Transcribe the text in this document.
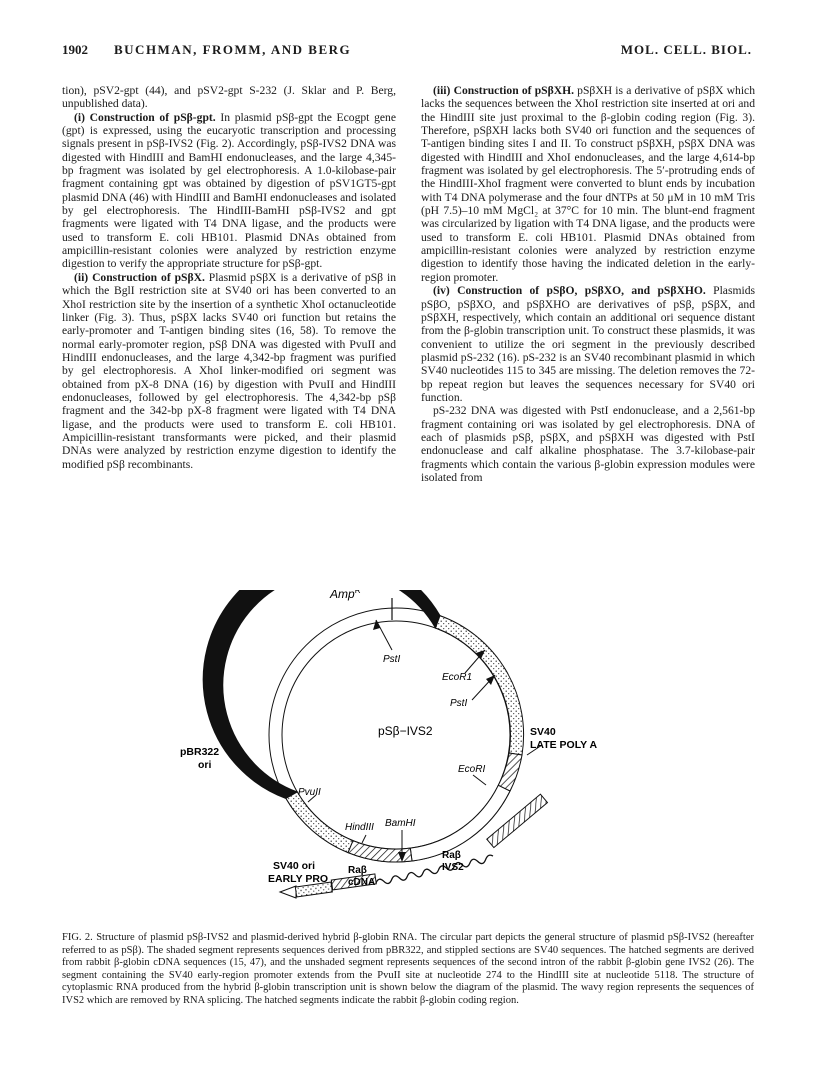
1902 BUCHMAN, FROMM, AND BERG	MOL. CELL. BIOL.

tion), pSV2-gpt (44), and pSV2-gpt S-232 (J. Sklar and P. Berg, unpublished data).

(i) Construction of pSβ-gpt. In plasmid pSβ-gpt the Ecogpt gene (gpt) is expressed, using the eucaryotic transcription and processing signals present in pSβ-IVS2 (Fig. 2). Accordingly, pSβ-IVS2 DNA was digested with HindIII and BamHI endonucleases, and the large 4,345-bp fragment was isolated by gel electrophoresis. A 1.0-kilobase-pair fragment containing gpt was obtained by digestion of pSV1GT5-gpt plasmid DNA (46) with HindIII and BamHI endonucleases and isolated by gel electrophoresis. The HindIII-BamHI pSβ-IVS2 and gpt fragments were ligated with T4 DNA ligase, and the products were used to transform E. coli HB101. Plasmid DNAs obtained from ampicillin-resistant colonies were analyzed by restriction enzyme digestion to verify the appropriate structure for pSβ-gpt.

(ii) Construction of pSβX. Plasmid pSβX is a derivative of pSβ in which the BglI restriction site at SV40 ori has been converted to an XhoI restriction site by the insertion of a synthetic XhoI octanucleotide linker (Fig. 3). Thus, pSβX lacks SV40 ori function but retains the early-promoter and T-antigen binding sites (16, 58). To remove the normal early-promoter region, pSβ DNA was digested with PvuII and HindIII endonucleases, and the large 4,342-bp fragment was purified by gel electrophoresis. A XhoI linker-modified ori segment was obtained from pX-8 DNA (16) by digestion with PvuII and HindIII endonucleases, followed by gel electrophoresis. The 4,342-bp pSβ fragment and the 342-bp pX-8 fragment were ligated with T4 DNA ligase, and the products were used to transform E. coli HB101. Ampicillin-resistant transformants were picked, and their plasmid DNAs were analyzed by restriction enzyme digestion to identify the modified pSβ recombinants.

(iii) Construction of pSβXH. pSβXH is a derivative of pSβX which lacks the sequences between the XhoI restriction site inserted at ori and the HindIII site just proximal to the β-globin coding region (Fig. 3). Therefore, pSβXH lacks both SV40 ori function and the sequences of T-antigen binding sites I and II. To construct pSβXH, pSβX DNA was digested with HindIII and XhoI endonucleases, and the large 4,614-bp fragment was isolated by gel electrophoresis. The 5′-protruding ends of the HindIII-XhoI fragment were converted to blunt ends by incubation with T4 DNA polymerase and the four dNTPs at 50 μM in 10 mM Tris (pH 7.5)–10 mM MgCl₂ at 37°C for 10 min. The blunt-end fragment was circularized by ligation with T4 DNA ligase, and the products were used to transform E. coli HB101. Plasmid DNAs obtained from ampicillin-resistant colonies were analyzed by restriction enzyme digestion to identify those having the indicated deletion in the early-region promoter.

(iv) Construction of pSβO, pSβXO, and pSβXHO. Plasmids pSβO, pSβXO, and pSβXHO are derivatives of pSβ, pSβX, and pSβXH, respectively, which contain an additional ori sequence distant from the β-globin transcription unit. To construct these plasmids, it was convenient to utilize the ori segment in the previously described plasmid pS-232 (16). pS-232 is an SV40 recombinant plasmid in which SV40 nucleotides 115 to 345 are missing. The deletion removes the 72-bp repeat region but leaves the sequences necessary for SV40 ori function.

pS-232 DNA was digested with PstI endonuclease, and a 2,561-bp fragment containing ori was isolated by gel electrophoresis. DNA of each of plasmids pSβ, pSβX, and pSβXH was digested with PstI endonuclease and calf alkaline phosphatase. The 3.7-kilobase-pair fragments which contain the various β-globin expression modules were isolated from

Amp$^R$
PstI
EcoR1
PstI
pSβ−IVS2
pBR322
ori
PvuII
HindIII BamHI
EcoRI
SV40
LATE POLY A
SV40 ori
EARLY PRO
Raβ
cDNA
Raβ
IVS2
FIG. 2. Structure of plasmid pSβ-IVS2 and plasmid-derived hybrid β-globin RNA. The circular part depicts the general structure of plasmid pSβ-IVS2 (hereafter referred to as pSβ). The shaded segment represents sequences derived from pBR322, and stippled sections are SV40 sequences. The hatched segments are derived from rabbit β-globin cDNA sequences (15, 47), and the unshaded segment represents sequences of the second intron of the rabbit β-globin gene IVS2 (26). The segment containing the SV40 early-region promoter extends from the PvuII site at nucleotide 274 to the HindIII site at nucleotide 5118. The structure of cytoplasmic RNA produced from the hybrid β-globin transcription unit is shown below the diagram of the plasmid. The wavy region represents the sequences of IVS2 which are removed by RNA splicing. The hatched segments indicate the rabbit β-globin coding region.
